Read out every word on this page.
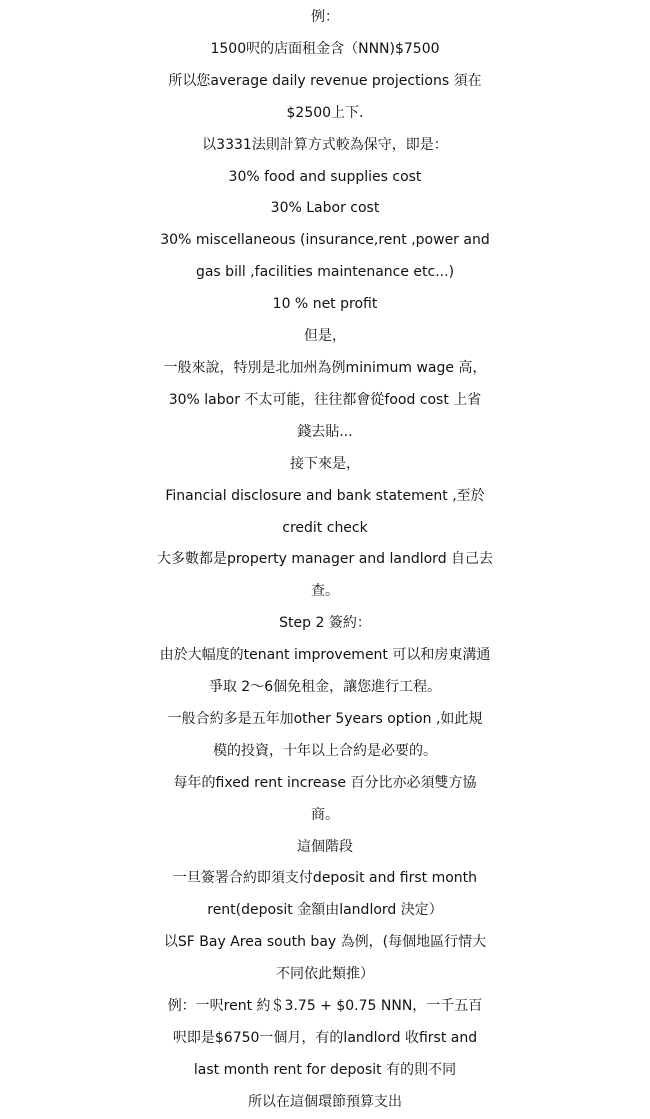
例：
1500呎的店面租金含（NNN)$7500
所以您average daily revenue projections 須在
$2500上下.
以3331法則計算方式較為保守，即是：
30% food and supplies cost
30% Labor cost
30% miscellaneous (insurance,rent ,power and
gas bill ,facilities maintenance etc...)
10 % net profit
但是，
一般來說，特別是北加州為例minimum wage 高，
30% labor 不太可能，往往都會從food cost 上省
錢去貼...
接下來是，
Financial disclosure and bank statement ,至於
credit check
大多數都是property manager and landlord 自己去
查。
Step 2 簽約：
由於大幅度的tenant improvement 可以和房東溝通
爭取 2～6個免租金，讓您進行工程。
一般合約多是五年加other 5years option ,如此規
模的投資，十年以上合約是必要的。
每年的fixed rent increase 百分比亦必須雙方協
商。
這個階段
一旦簽署合約即須支付deposit and first month
rent(deposit 金額由landlord 決定）
以SF Bay Area south bay 為例，(每個地區行情大
不同依此類推）
例：一呎rent 約＄3.75 + $0.75 NNN，一千五百
呎即是$6750一個月，有的landlord 收first and
last month rent for deposit 有的則不同
所以在這個環節預算支出
